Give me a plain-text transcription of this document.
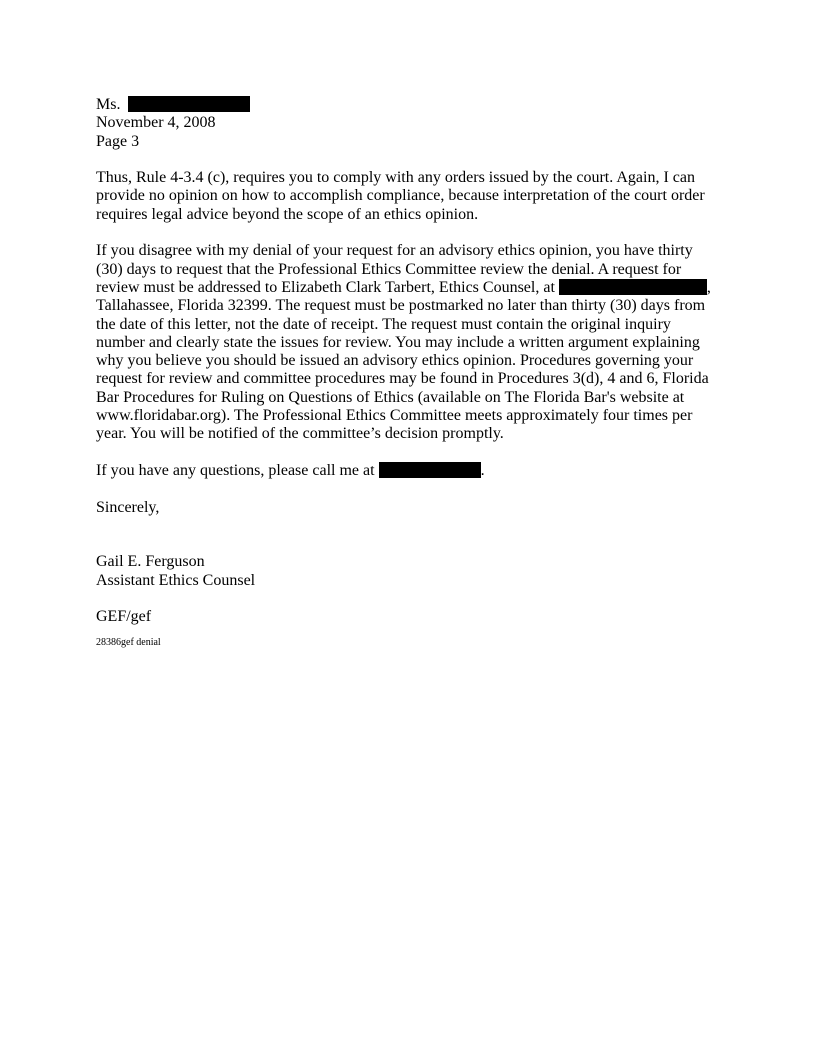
Ms.
November 4, 2008
Page 3
Thus, Rule 4-3.4 (c), requires you to comply with any orders issued by the court. Again, I can
provide no opinion on how to accomplish compliance, because interpretation of the court order
requires legal advice beyond the scope of an ethics opinion.
If you disagree with my denial of your request for an advisory ethics opinion, you have thirty
(30) days to request that the Professional Ethics Committee review the denial. A request for
review must be addressed to Elizabeth Clark Tarbert, Ethics Counsel, at	,
Tallahassee, Florida 32399. The request must be postmarked no later than thirty (30) days from
the date of this letter, not the date of receipt. The request must contain the original inquiry
number and clearly state the issues for review. You may include a written argument explaining
why you believe you should be issued an advisory ethics opinion. Procedures governing your
request for review and committee procedures may be found in Procedures 3(d), 4 and 6, Florida
Bar Procedures for Ruling on Questions of Ethics (available on The Florida Bar's website at
www.floridabar.org). The Professional Ethics Committee meets approximately four times per
year. You will be notified of the committee’s decision promptly.
If you have any questions, please call me at	.
Sincerely,
Gail E. Ferguson
Assistant Ethics Counsel
GEF/gef
28386gef denial
